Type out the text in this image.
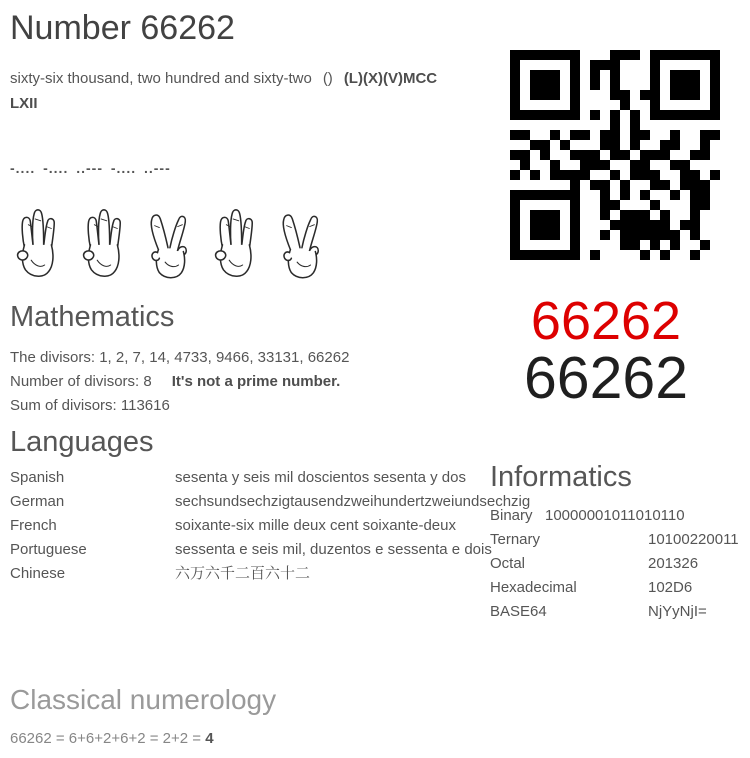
Number 66262

sixty-six thousand, two hundred and sixty-two () (L)(X)(V)MCC
LXII

-.... -.... ..--- -.... ..---
66262
66262
Mathematics
The divisors: 1, 2, 7, 14, 4733, 9466, 33131, 66262
Number of divisors: 8 It's not a prime number.
Sum of divisors: 113616
Languages
Spanish	sesenta y seis mil doscientos sesenta y dos
German	sechsundsechzigtausendzweihundertzweiundsechzig
French	soixante-six mille deux cent soixante-deux
Portuguese	sessenta e seis mil, duzentos e sessenta e dois
Chinese	六万六千二百六十二
Informatics
Binary 10000001011010110
Ternary	10100220011
Octal	201326
Hexadecimal	102D6
BASE64	NjYyNjI=
Classical numerology
66262 = 6+6+2+6+2 = 2+2 = 4
